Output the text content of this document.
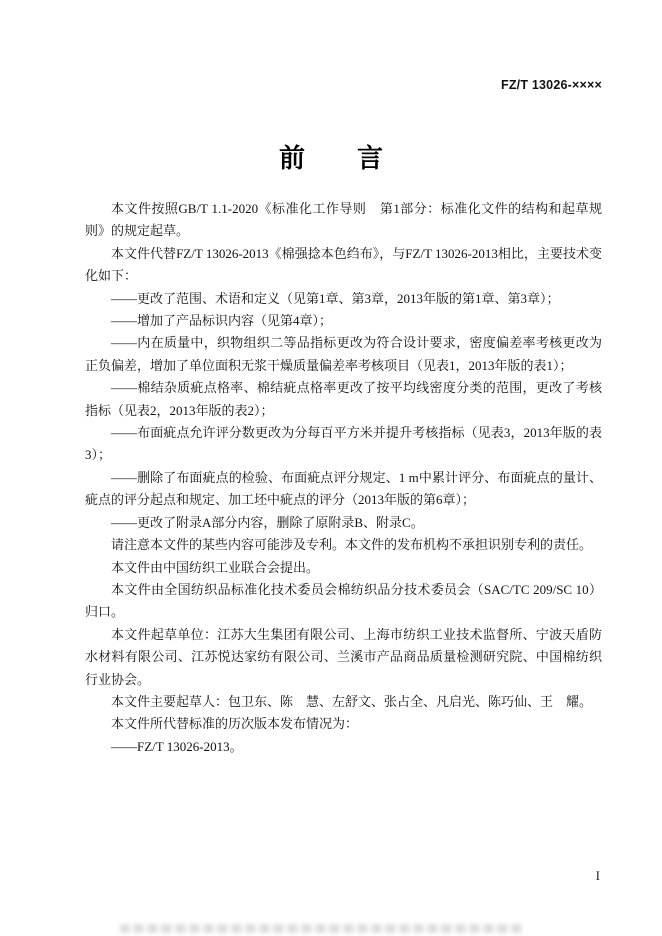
FZ/T 13026-××××
前　　言

本文件按照GB/T 1.1-2020《标准化工作导则　第1部分：标准化文件的结构和起草规则》的规定起草。

本文件代替FZ/T 13026-2013《棉强捻本色绉布》，与FZ/T 13026-2013相比，主要技术变化如下：

——更改了范围、术语和定义（见第1章、第3章，2013年版的第1章、第3章）；

——增加了产品标识内容（见第4章）；

——内在质量中，织物组织二等品指标更改为符合设计要求，密度偏差率考核更改为正负偏差，增加了单位面积无浆干燥质量偏差率考核项目（见表1，2013年版的表1）；

——棉结杂质疵点格率、棉结疵点格率更改了按平均线密度分类的范围，更改了考核指标（见表2，2013年版的表2）；

——布面疵点允许评分数更改为分每百平方米并提升考核指标（见表3，2013年版的表3）；

——删除了布面疵点的检验、布面疵点评分规定、1 m中累计评分、布面疵点的量计、疵点的评分起点和规定、加工坯中疵点的评分（2013年版的第6章）；

——更改了附录A部分内容，删除了原附录B、附录C。

请注意本文件的某些内容可能涉及专利。本文件的发布机构不承担识别专利的责任。

本文件由中国纺织工业联合会提出。

本文件由全国纺织品标准化技术委员会棉纺织品分技术委员会（SAC/TC 209/SC 10）归口。

本文件起草单位：江苏大生集团有限公司、上海市纺织工业技术监督所、宁波天盾防水材料有限公司、江苏悦达家纺有限公司、兰溪市产品商品质量检测研究院、中国棉纺织行业协会。

本文件主要起草人：包卫东、陈　慧、左舒文、张占全、凡启光、陈巧仙、王　耀。

本文件所代替标准的历次版本发布情况为：

——FZ/T 13026-2013。

I
